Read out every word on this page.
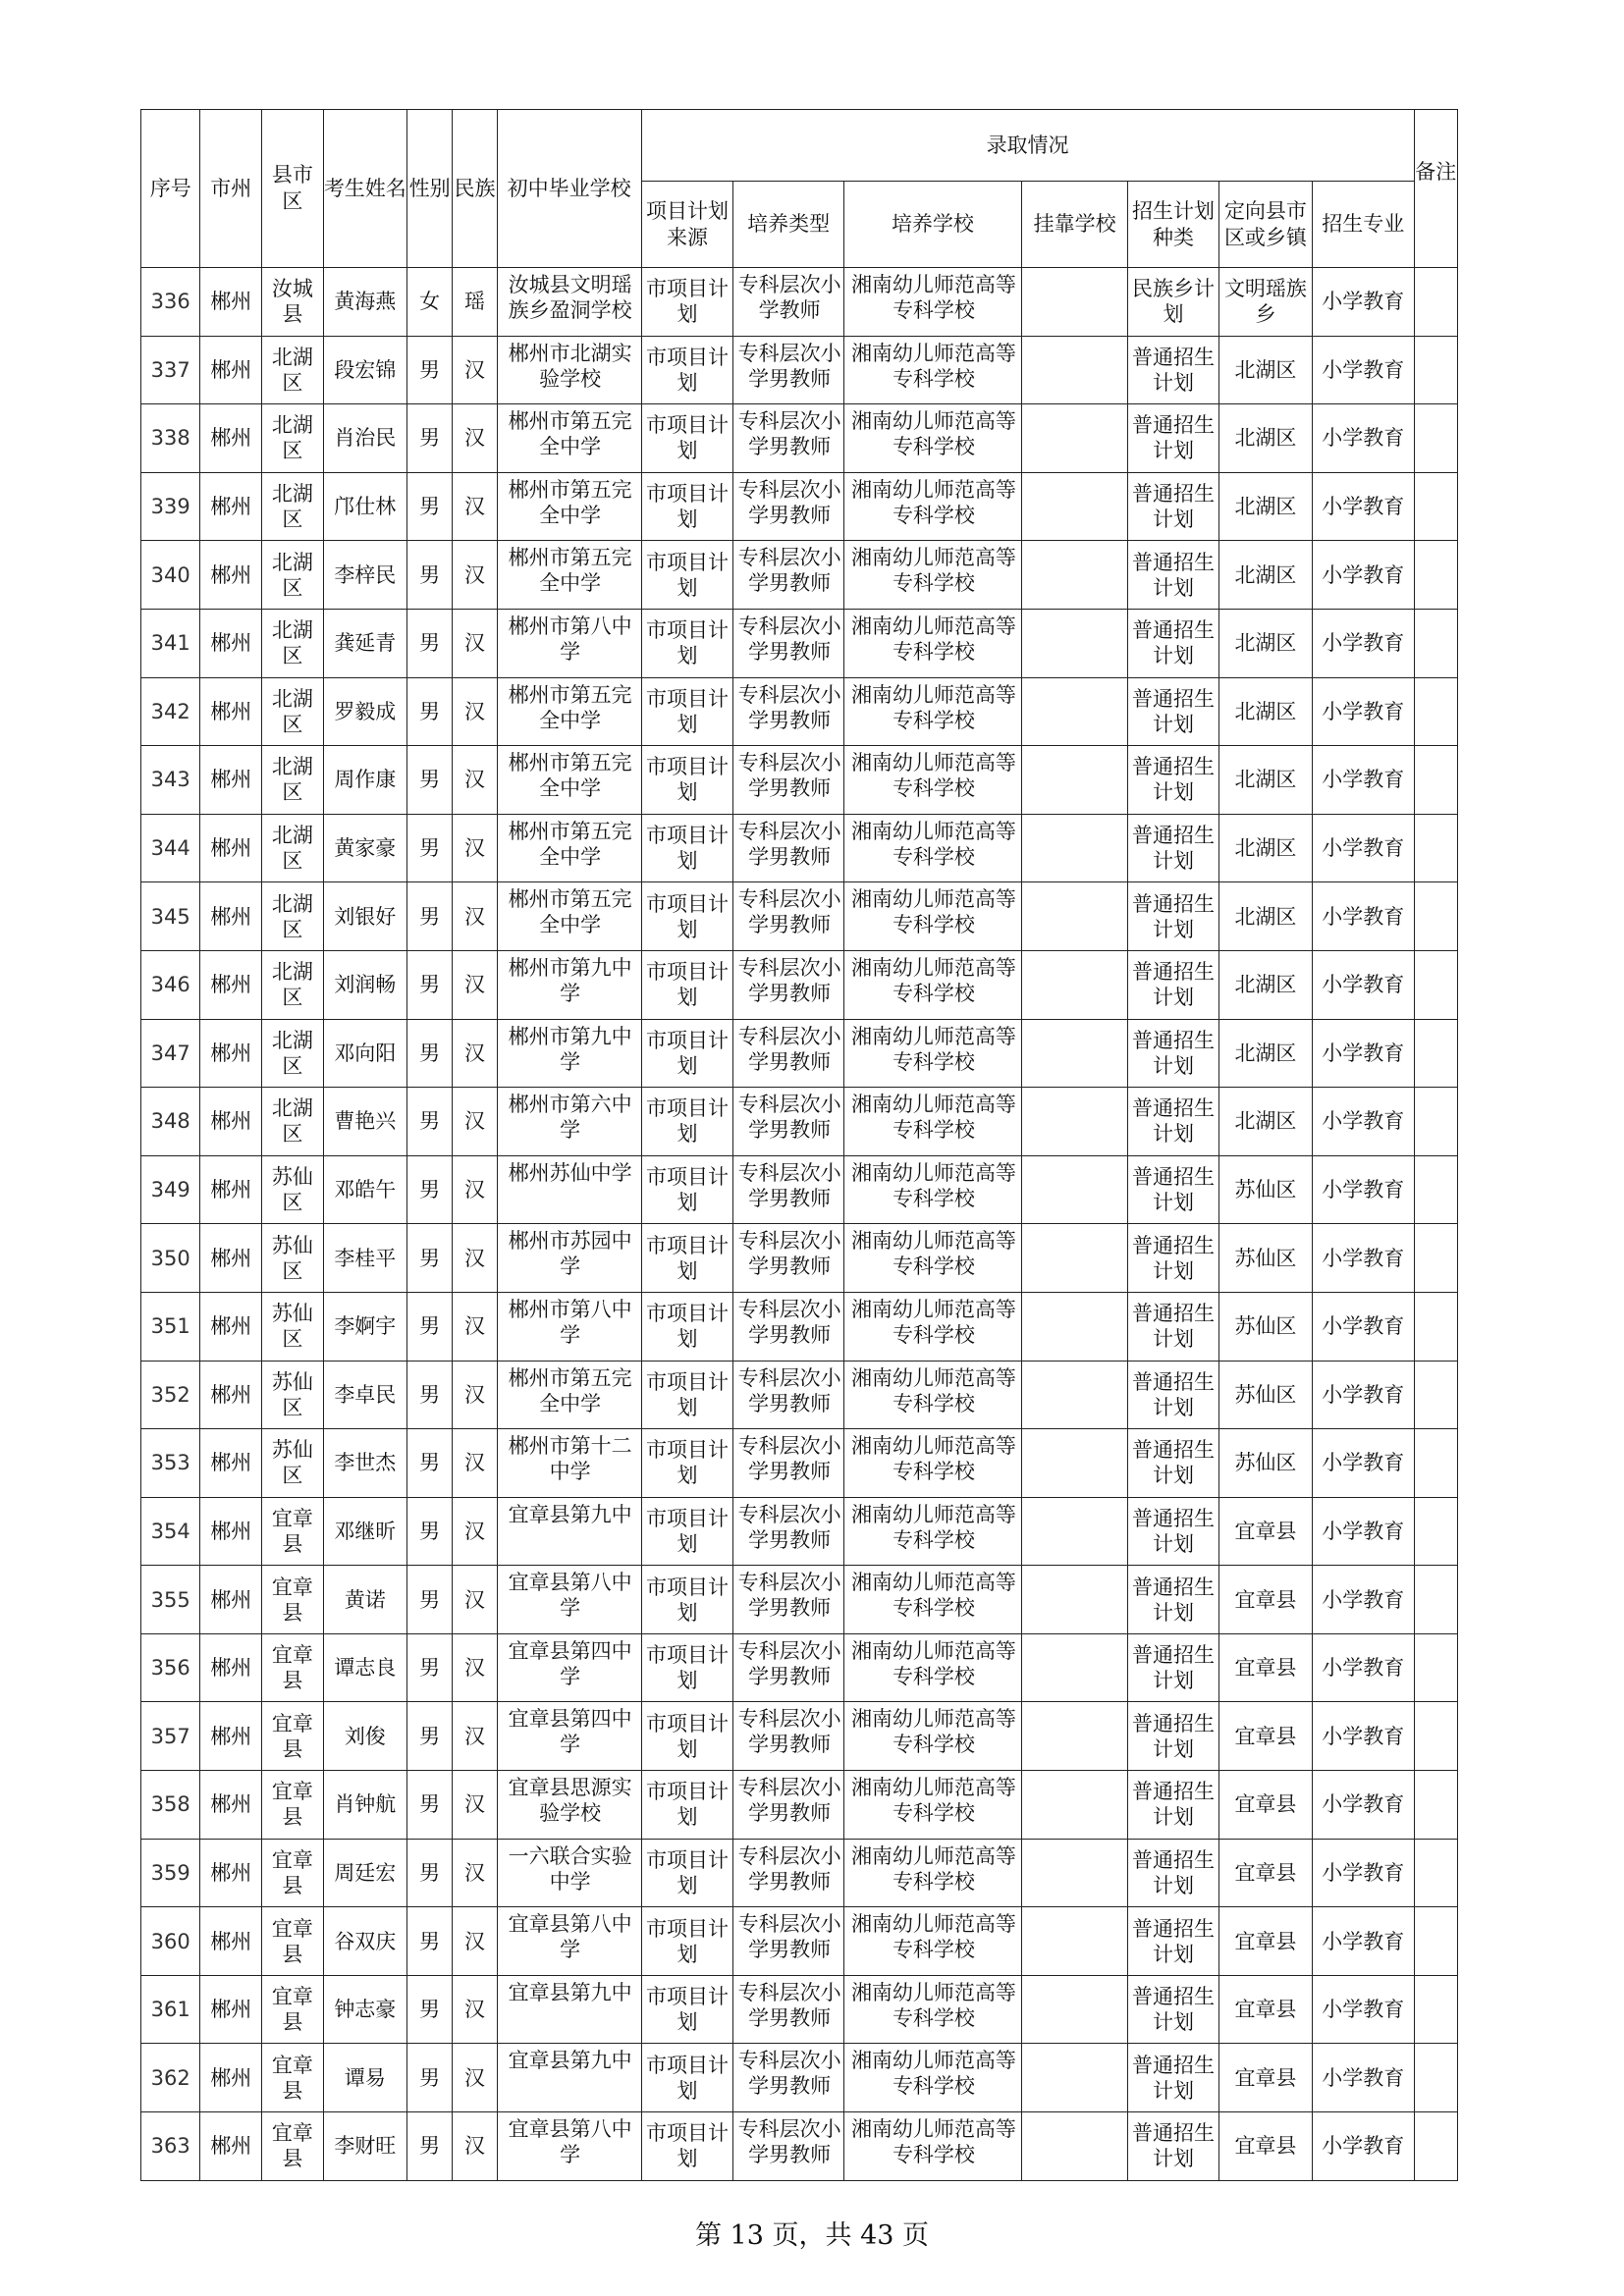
序号	市州	县市区	考生姓名	性别	民族	初中毕业学校	录取情况							备注
							项目计划来源	培养类型	培养学校	挂靠学校	招生计划种类	定向县市区或乡镇	招生专业	
336	郴州	汝城县	黄海燕	女	瑶	汝城县文明瑶族乡盈洞学校	市项目计划	专科层次小学教师	湘南幼儿师范高等专科学校		民族乡计划	文明瑶族乡	小学教育	
337	郴州	北湖区	段宏锦	男	汉	郴州市北湖实验学校	市项目计划	专科层次小学男教师	湘南幼儿师范高等专科学校		普通招生计划	北湖区	小学教育	
338	郴州	北湖区	肖治民	男	汉	郴州市第五完全中学	市项目计划	专科层次小学男教师	湘南幼儿师范高等专科学校		普通招生计划	北湖区	小学教育	
339	郴州	北湖区	邝仕林	男	汉	郴州市第五完全中学	市项目计划	专科层次小学男教师	湘南幼儿师范高等专科学校		普通招生计划	北湖区	小学教育	
340	郴州	北湖区	李梓民	男	汉	郴州市第五完全中学	市项目计划	专科层次小学男教师	湘南幼儿师范高等专科学校		普通招生计划	北湖区	小学教育	
341	郴州	北湖区	龚延青	男	汉	郴州市第八中学	市项目计划	专科层次小学男教师	湘南幼儿师范高等专科学校		普通招生计划	北湖区	小学教育	
342	郴州	北湖区	罗毅成	男	汉	郴州市第五完全中学	市项目计划	专科层次小学男教师	湘南幼儿师范高等专科学校		普通招生计划	北湖区	小学教育	
343	郴州	北湖区	周作康	男	汉	郴州市第五完全中学	市项目计划	专科层次小学男教师	湘南幼儿师范高等专科学校		普通招生计划	北湖区	小学教育	
344	郴州	北湖区	黄家豪	男	汉	郴州市第五完全中学	市项目计划	专科层次小学男教师	湘南幼儿师范高等专科学校		普通招生计划	北湖区	小学教育	
345	郴州	北湖区	刘银好	男	汉	郴州市第五完全中学	市项目计划	专科层次小学男教师	湘南幼儿师范高等专科学校		普通招生计划	北湖区	小学教育	
346	郴州	北湖区	刘润畅	男	汉	郴州市第九中学	市项目计划	专科层次小学男教师	湘南幼儿师范高等专科学校		普通招生计划	北湖区	小学教育	
347	郴州	北湖区	邓向阳	男	汉	郴州市第九中学	市项目计划	专科层次小学男教师	湘南幼儿师范高等专科学校		普通招生计划	北湖区	小学教育	
348	郴州	北湖区	曹艳兴	男	汉	郴州市第六中学	市项目计划	专科层次小学男教师	湘南幼儿师范高等专科学校		普通招生计划	北湖区	小学教育	
349	郴州	苏仙区	邓皓午	男	汉	郴州苏仙中学	市项目计划	专科层次小学男教师	湘南幼儿师范高等专科学校		普通招生计划	苏仙区	小学教育	
350	郴州	苏仙区	李桂平	男	汉	郴州市苏园中学	市项目计划	专科层次小学男教师	湘南幼儿师范高等专科学校		普通招生计划	苏仙区	小学教育	
351	郴州	苏仙区	李婀宇	男	汉	郴州市第八中学	市项目计划	专科层次小学男教师	湘南幼儿师范高等专科学校		普通招生计划	苏仙区	小学教育	
352	郴州	苏仙区	李卓民	男	汉	郴州市第五完全中学	市项目计划	专科层次小学男教师	湘南幼儿师范高等专科学校		普通招生计划	苏仙区	小学教育	
353	郴州	苏仙区	李世杰	男	汉	郴州市第十二中学	市项目计划	专科层次小学男教师	湘南幼儿师范高等专科学校		普通招生计划	苏仙区	小学教育	
354	郴州	宜章县	邓继昕	男	汉	宜章县第九中	市项目计划	专科层次小学男教师	湘南幼儿师范高等专科学校		普通招生计划	宜章县	小学教育	
355	郴州	宜章县	黄诺	男	汉	宜章县第八中学	市项目计划	专科层次小学男教师	湘南幼儿师范高等专科学校		普通招生计划	宜章县	小学教育	
356	郴州	宜章县	谭志良	男	汉	宜章县第四中学	市项目计划	专科层次小学男教师	湘南幼儿师范高等专科学校		普通招生计划	宜章县	小学教育	
357	郴州	宜章县	刘俊	男	汉	宜章县第四中学	市项目计划	专科层次小学男教师	湘南幼儿师范高等专科学校		普通招生计划	宜章县	小学教育	
358	郴州	宜章县	肖钟航	男	汉	宜章县思源实验学校	市项目计划	专科层次小学男教师	湘南幼儿师范高等专科学校		普通招生计划	宜章县	小学教育	
359	郴州	宜章县	周廷宏	男	汉	一六联合实验中学	市项目计划	专科层次小学男教师	湘南幼儿师范高等专科学校		普通招生计划	宜章县	小学教育	
360	郴州	宜章县	谷双庆	男	汉	宜章县第八中学	市项目计划	专科层次小学男教师	湘南幼儿师范高等专科学校		普通招生计划	宜章县	小学教育	
361	郴州	宜章县	钟志豪	男	汉	宜章县第九中	市项目计划	专科层次小学男教师	湘南幼儿师范高等专科学校		普通招生计划	宜章县	小学教育	
362	郴州	宜章县	谭易	男	汉	宜章县第九中	市项目计划	专科层次小学男教师	湘南幼儿师范高等专科学校		普通招生计划	宜章县	小学教育	
363	郴州	宜章县	李财旺	男	汉	宜章县第八中学	市项目计划	专科层次小学男教师	湘南幼儿师范高等专科学校		普通招生计划	宜章县	小学教育	
第 13 页，共 43 页
